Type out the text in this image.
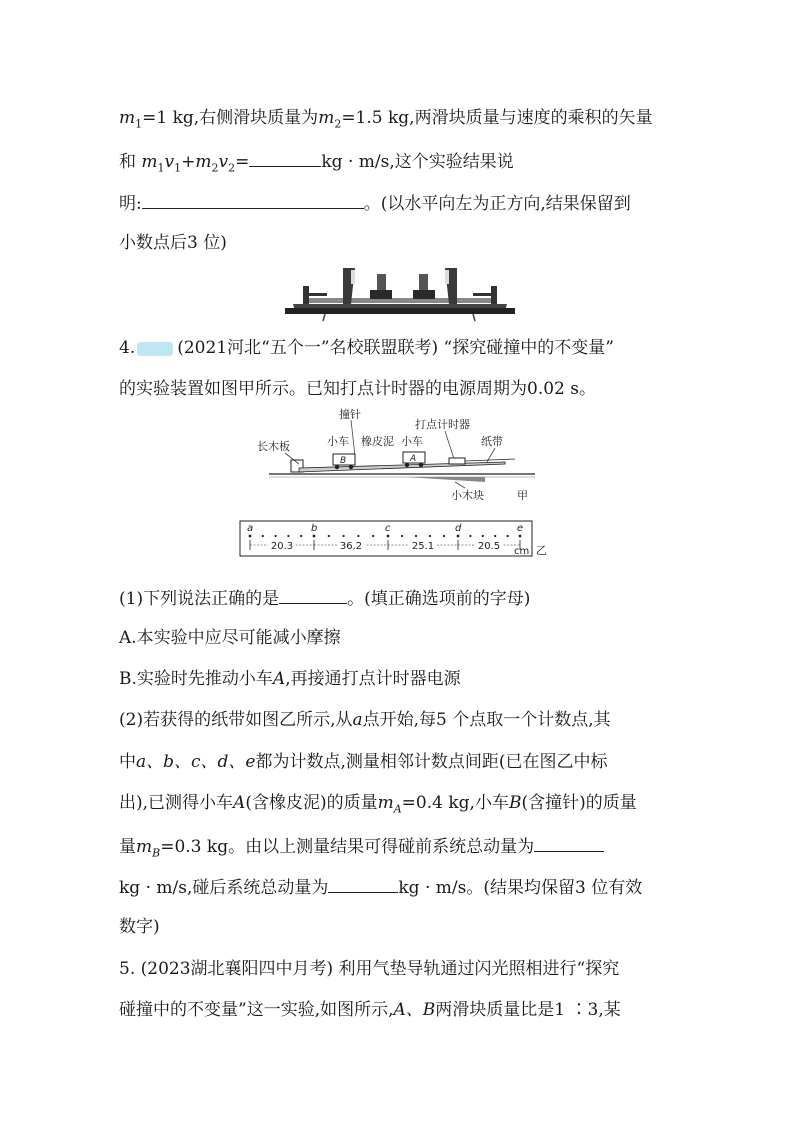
$m_1=1$ kg,右侧滑块质量为$m_2=1.5$ kg,两滑块质量与速度的乘积的矢量
和 $m_1v_1+m_2v_2=$	kg · m/s,这个实验结果说
明:	。(以水平向左为正方向,结果保留到
小数点后3 位)
4. (2021河北“五个一”名校联盟联考) “探究碰撞中的不变量”
的实验装置如图甲所示。已知打点计时器的电源周期为0.02 s。
撞针
打点计时器
小车 橡皮泥 小车
长木板	纸带
B	A
小木块	甲
a
20.3
b
36.2
c
25.1
d
20.5
e
cm 乙
(1)下列说法正确的是	。(填正确选项前的字母)
A.本实验中应尽可能减小摩擦
B.实验时先推动小车A,再接通打点计时器电源
(2)若获得的纸带如图乙所示,从a点开始,每5 个点取一个计数点,其
中a、b、c、d、e都为计数点,测量相邻计数点间距(已在图乙中标
出),已测得小车A(含橡皮泥)的质量$m_A=0.4$ kg,小车B(含撞针)的质量
量$m_B=0.3$ kg。由以上测量结果可得碰前系统总动量为
kg · m/s,碰后系统总动量为	kg · m/s。(结果均保留3 位有效
数字)
5. (2023湖北襄阳四中月考) 利用气垫导轨通过闪光照相进行“探究
碰撞中的不变量”这一实验,如图所示,A、B两滑块质量比是1 ∶3,某
